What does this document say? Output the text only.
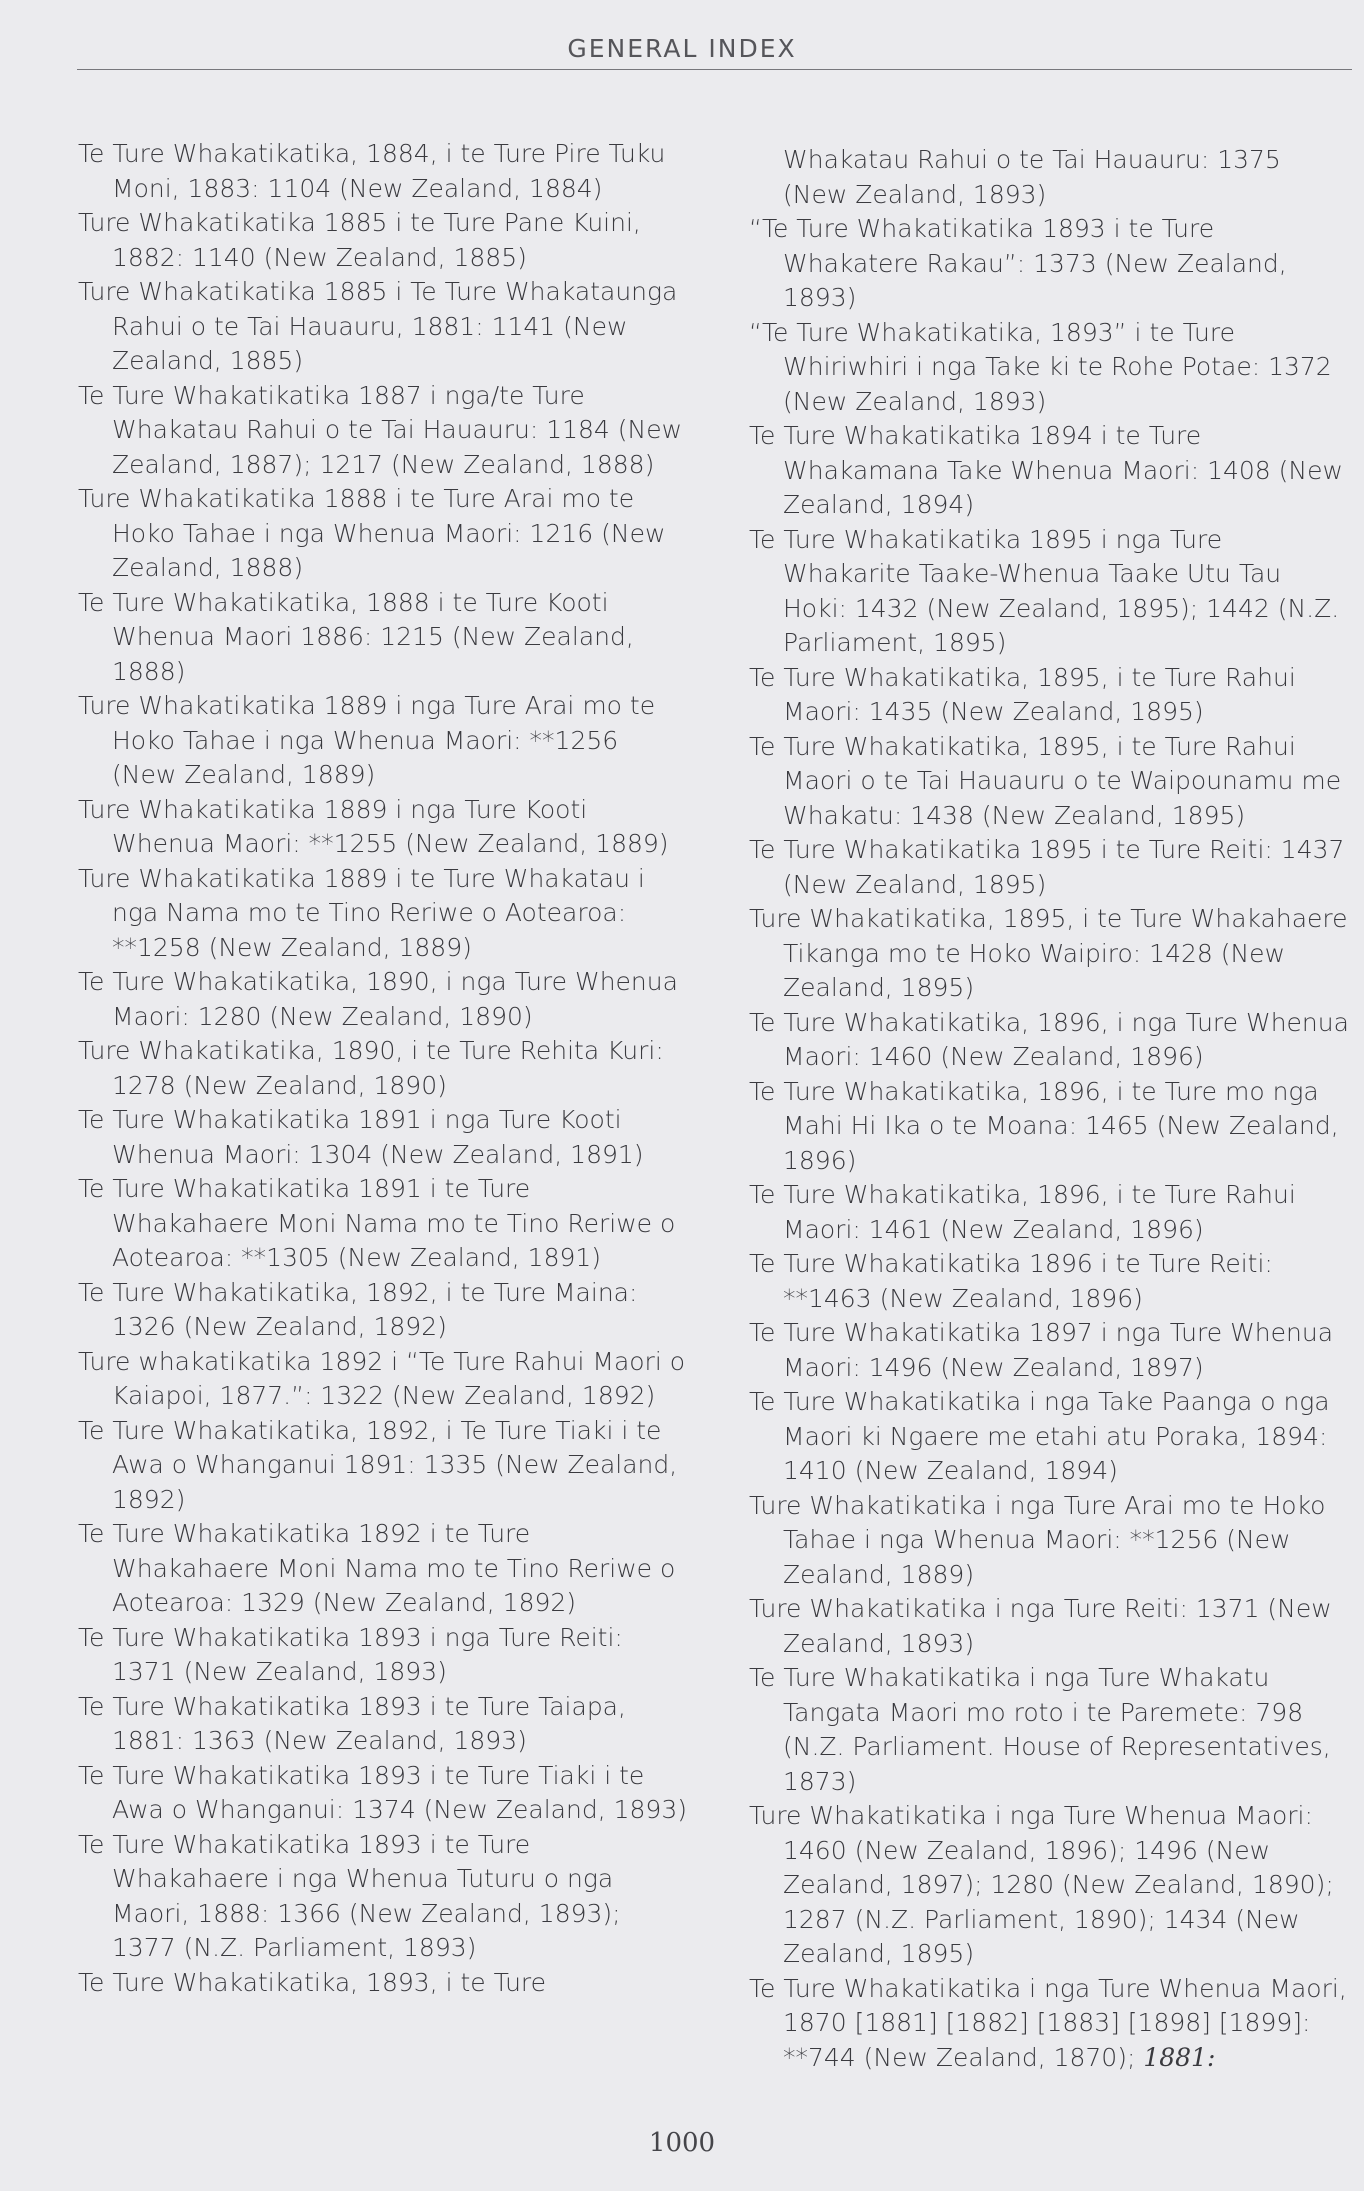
GENERAL INDEX

Te Ture Whakatikatika, 1884, i te Ture Pire Tuku Moni, 1883: 1104 (New Zealand, 1884)

Ture Whakatikatika 1885 i te Ture Pane Kuini, 1882: 1140 (New Zealand, 1885)

Ture Whakatikatika 1885 i Te Ture Whakataunga Rahui o te Tai Hauauru, 1881: 1141 (New Zealand, 1885)

Te Ture Whakatikatika 1887 i nga/te Ture Whakatau Rahui o te Tai Hauauru: 1184 (New Zealand, 1887); 1217 (New Zealand, 1888)

Ture Whakatikatika 1888 i te Ture Arai mo te Hoko Tahae i nga Whenua Maori: 1216 (New Zealand, 1888)

Te Ture Whakatikatika, 1888 i te Ture Kooti Whenua Maori 1886: 1215 (New Zealand, 1888)

Ture Whakatikatika 1889 i nga Ture Arai mo te Hoko Tahae i nga Whenua Maori: **1256 (New Zealand, 1889)

Ture Whakatikatika 1889 i nga Ture Kooti Whenua Maori: **1255 (New Zealand, 1889)

Ture Whakatikatika 1889 i te Ture Whakatau i nga Nama mo te Tino Reriwe o Aotearoa: **1258 (New Zealand, 1889)

Te Ture Whakatikatika, 1890, i nga Ture Whenua Maori: 1280 (New Zealand, 1890)

Ture Whakatikatika, 1890, i te Ture Rehita Kuri: 1278 (New Zealand, 1890)

Te Ture Whakatikatika 1891 i nga Ture Kooti Whenua Maori: 1304 (New Zealand, 1891)

Te Ture Whakatikatika 1891 i te Ture Whakahaere Moni Nama mo te Tino Reriwe o Aotearoa: **1305 (New Zealand, 1891)

Te Ture Whakatikatika, 1892, i te Ture Maina: 1326 (New Zealand, 1892)

Ture whakatikatika 1892 i “Te Ture Rahui Maori o Kaiapoi, 1877.”: 1322 (New Zealand, 1892)

Te Ture Whakatikatika, 1892, i Te Ture Tiaki i te Awa o Whanganui 1891: 1335 (New Zealand, 1892)

Te Ture Whakatikatika 1892 i te Ture Whakahaere Moni Nama mo te Tino Reriwe o Aotearoa: 1329 (New Zealand, 1892)

Te Ture Whakatikatika 1893 i nga Ture Reiti: 1371 (New Zealand, 1893)

Te Ture Whakatikatika 1893 i te Ture Taiapa, 1881: 1363 (New Zealand, 1893)

Te Ture Whakatikatika 1893 i te Ture Tiaki i te Awa o Whanganui: 1374 (New Zealand, 1893)

Te Ture Whakatikatika 1893 i te Ture Whakahaere i nga Whenua Tuturu o nga Maori, 1888: 1366 (New Zealand, 1893); 1377 (N.Z. Parliament, 1893)

Te Ture Whakatikatika, 1893, i te Ture

Whakatau Rahui o te Tai Hauauru: 1375 (New Zealand, 1893)

“Te Ture Whakatikatika 1893 i te Ture Whakatere Rakau”: 1373 (New Zealand, 1893)

“Te Ture Whakatikatika, 1893” i te Ture Whiriwhiri i nga Take ki te Rohe Potae: 1372 (New Zealand, 1893)

Te Ture Whakatikatika 1894 i te Ture Whakamana Take Whenua Maori: 1408 (New Zealand, 1894)

Te Ture Whakatikatika 1895 i nga Ture Whakarite Taake-Whenua Taake Utu Tau Hoki: 1432 (New Zealand, 1895); 1442 (N.Z. Parliament, 1895)

Te Ture Whakatikatika, 1895, i te Ture Rahui Maori: 1435 (New Zealand, 1895)

Te Ture Whakatikatika, 1895, i te Ture Rahui Maori o te Tai Hauauru o te Waipounamu me Whakatu: 1438 (New Zealand, 1895)

Te Ture Whakatikatika 1895 i te Ture Reiti: 1437 (New Zealand, 1895)

Ture Whakatikatika, 1895, i te Ture Whakahaere Tikanga mo te Hoko Waipiro: 1428 (New Zealand, 1895)

Te Ture Whakatikatika, 1896, i nga Ture Whenua Maori: 1460 (New Zealand, 1896)

Te Ture Whakatikatika, 1896, i te Ture mo nga Mahi Hi Ika o te Moana: 1465 (New Zealand, 1896)

Te Ture Whakatikatika, 1896, i te Ture Rahui Maori: 1461 (New Zealand, 1896)

Te Ture Whakatikatika 1896 i te Ture Reiti: **1463 (New Zealand, 1896)

Te Ture Whakatikatika 1897 i nga Ture Whenua Maori: 1496 (New Zealand, 1897)

Te Ture Whakatikatika i nga Take Paanga o nga Maori ki Ngaere me etahi atu Poraka, 1894: 1410 (New Zealand, 1894)

Ture Whakatikatika i nga Ture Arai mo te Hoko Tahae i nga Whenua Maori: **1256 (New Zealand, 1889)

Ture Whakatikatika i nga Ture Reiti: 1371 (New Zealand, 1893)

Te Ture Whakatikatika i nga Ture Whakatu Tangata Maori mo roto i te Paremete: 798 (N.Z. Parliament. House of Representatives, 1873)

Ture Whakatikatika i nga Ture Whenua Maori: 1460 (New Zealand, 1896); 1496 (New Zealand, 1897); 1280 (New Zealand, 1890); 1287 (N.Z. Parliament, 1890); 1434 (New Zealand, 1895)

Te Ture Whakatikatika i nga Ture Whenua Maori, 1870 [1881] [1882] [1883] [1898] [1899]: **744 (New Zealand, 1870); 1881:

1000
